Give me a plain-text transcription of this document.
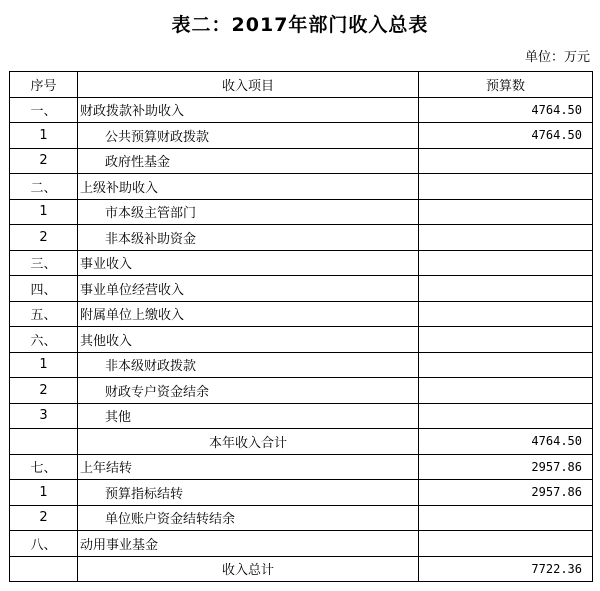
表二：2017年部门收入总表
单位：万元
序号	收入项目	预算数
一、	财政拨款补助收入	4764.50
1	公共预算财政拨款	4764.50
2	政府性基金	
二、	上级补助收入	
1	市本级主管部门	
2	非本级补助资金	
三、	事业收入	
四、	事业单位经营收入	
五、	附属单位上缴收入	
六、	其他收入	
1	非本级财政拨款	
2	财政专户资金结余	
3	其他	
	本年收入合计	4764.50
七、	上年结转	2957.86
1	预算指标结转	2957.86
2	单位账户资金结转结余	
八、	动用事业基金	
	收入总计	7722.36
